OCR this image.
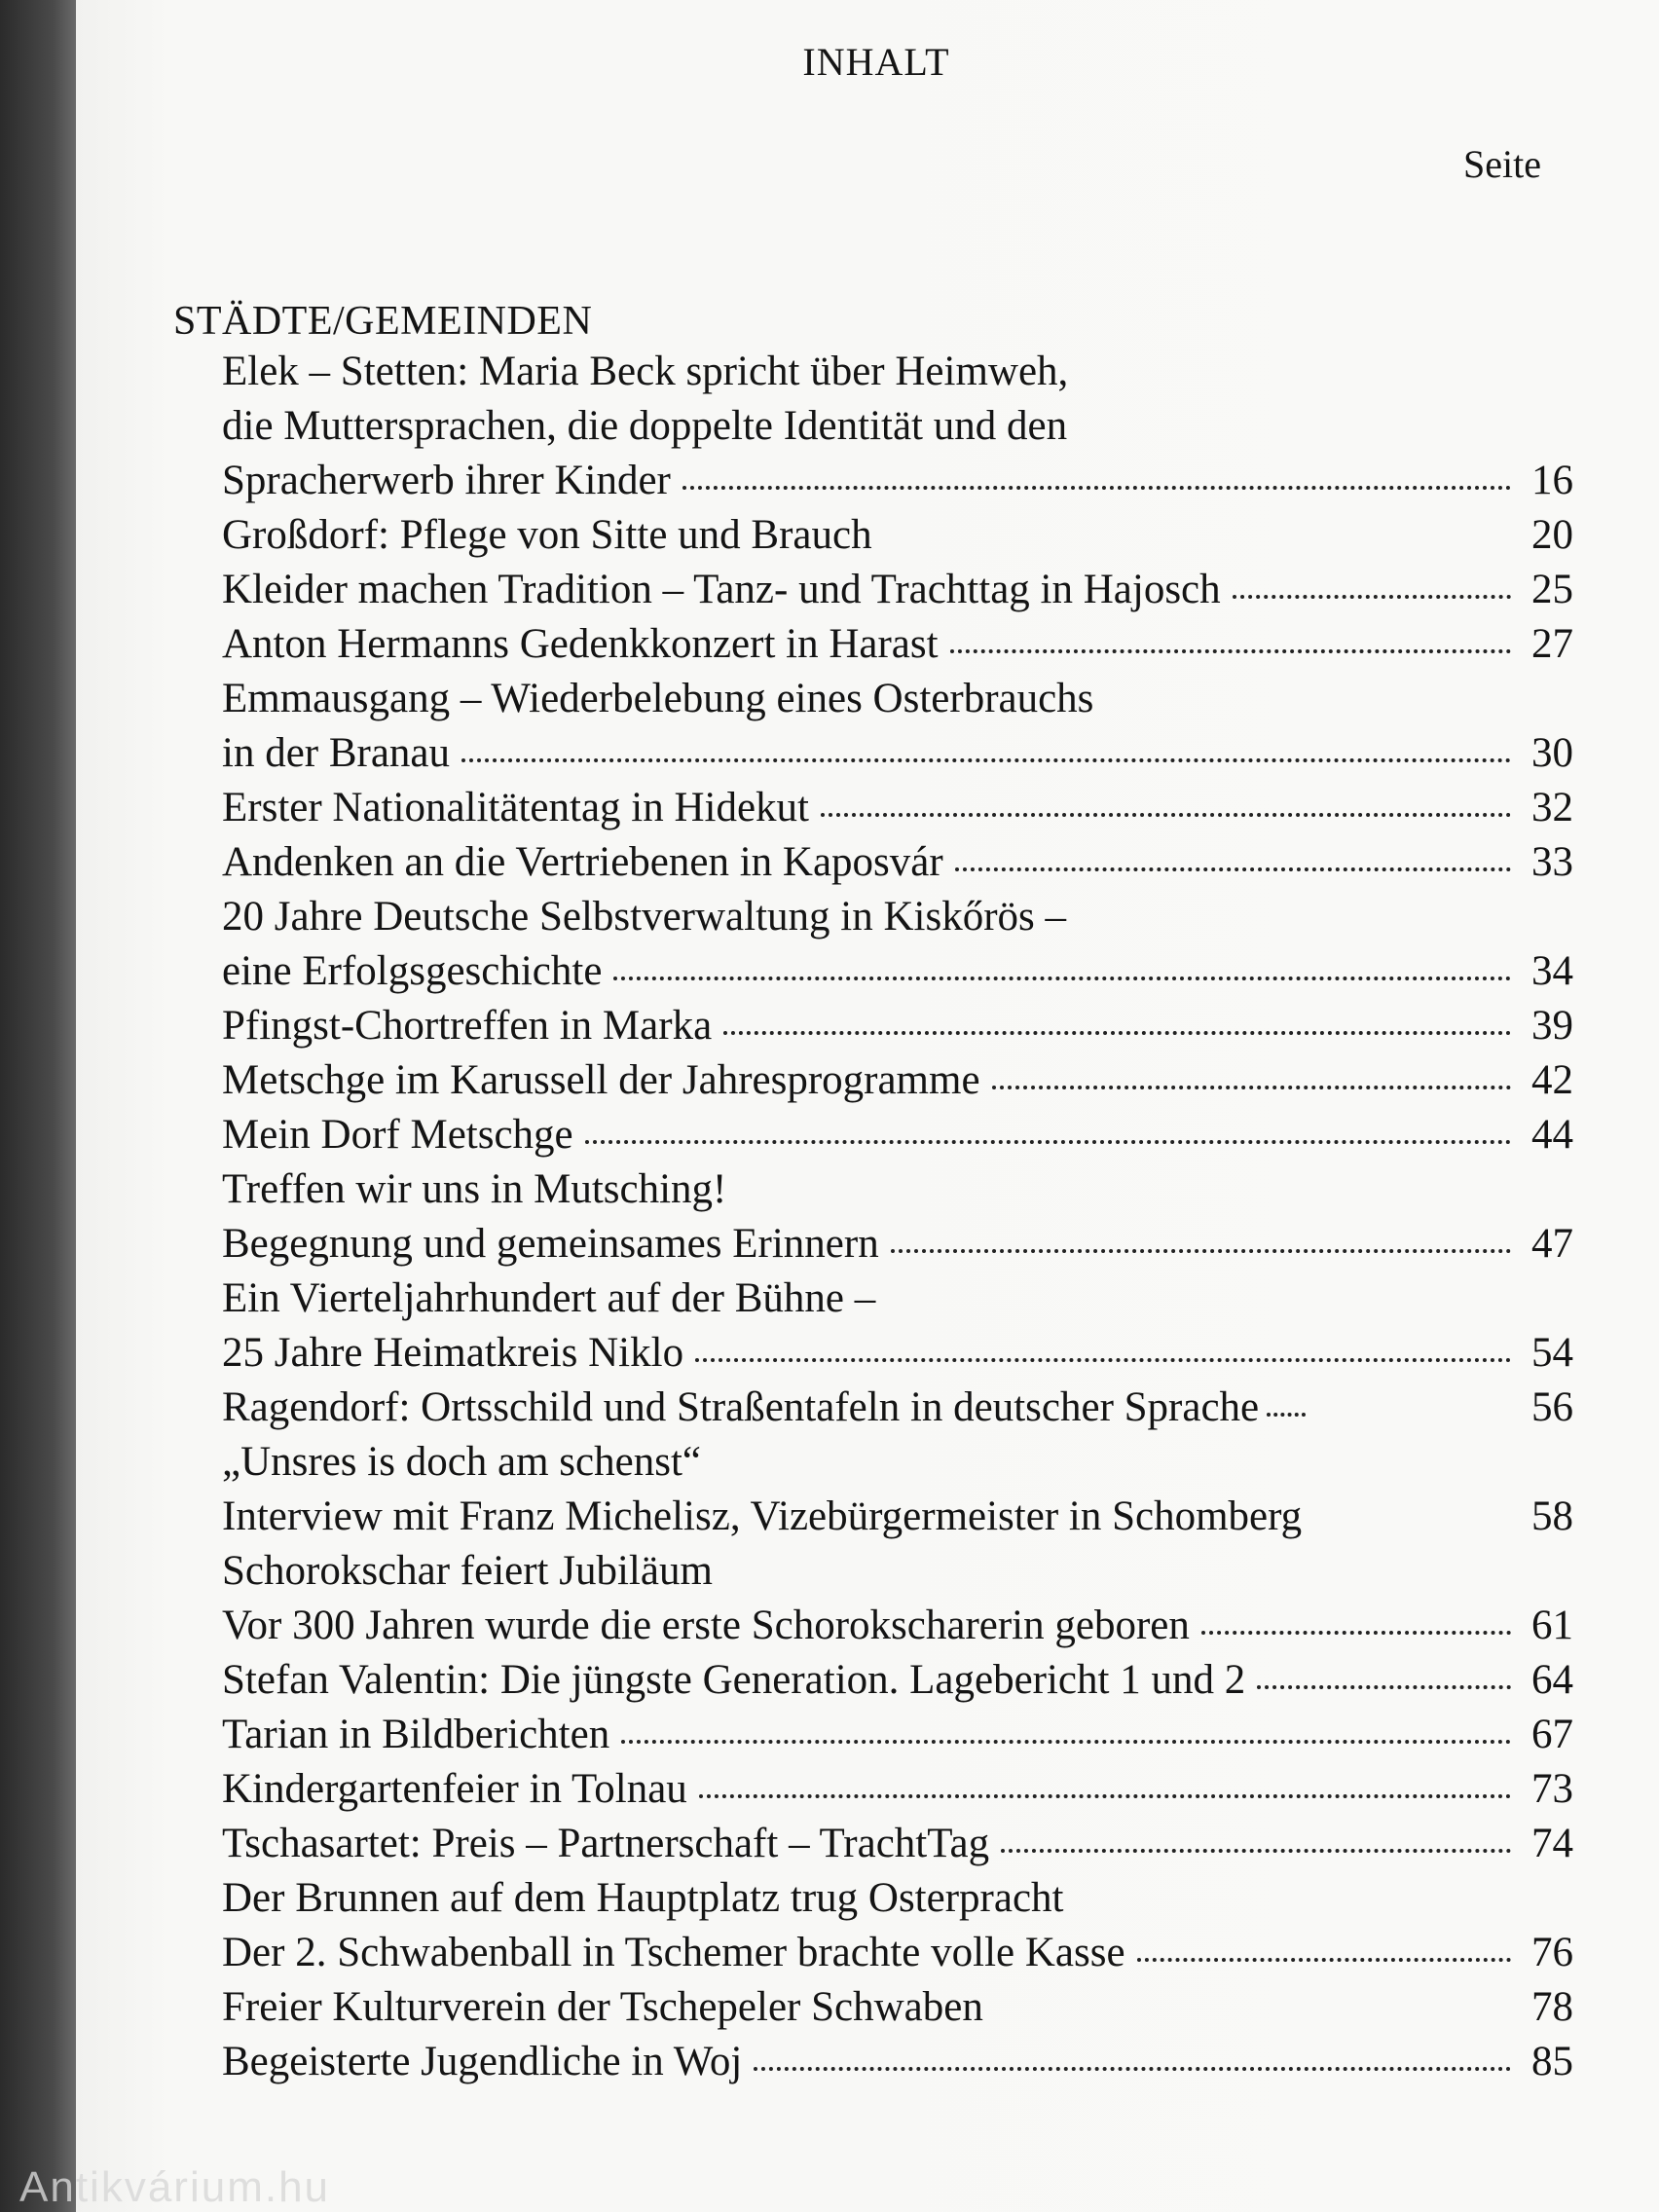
INHALT
Seite
STÄDTE/GEMEINDEN
Elek – Stetten: Maria Beck spricht über Heimweh,
die Muttersprachen, die doppelte Identität und den
Spracherwerb ihrer Kinder	16
Großdorf: Pflege von Sitte und Brauch	20
Kleider machen Tradition – Tanz- und Trachttag in Hajosch	25
Anton Hermanns Gedenkkonzert in Harast	27
Emmausgang – Wiederbelebung eines Osterbrauchs
in der Branau	30
Erster Nationalitätentag in Hidekut	32
Andenken an die Vertriebenen in Kaposvár	33
20 Jahre Deutsche Selbstverwaltung in Kiskőrös –
eine Erfolgsgeschichte	34
Pfingst-Chortreffen in Marka	39
Metschge im Karussell der Jahresprogramme	42
Mein Dorf Metschge	44
Treffen wir uns in Mutsching!
Begegnung und gemeinsames Erinnern	47
Ein Vierteljahrhundert auf der Bühne –
25 Jahre Heimatkreis Niklo	54
Ragendorf: Ortsschild und Straßentafeln in deutscher Sprache	56
„Unsres is doch am schenst“
Interview mit Franz Michelisz, Vizebürgermeister in Schomberg	58
Schorokschar feiert Jubiläum
Vor 300 Jahren wurde die erste Schorokscharerin geboren	61
Stefan Valentin: Die jüngste Generation. Lagebericht 1 und 2	64
Tarian in Bildberichten	67
Kindergartenfeier in Tolnau	73
Tschasartet: Preis – Partnerschaft – TrachtTag	74
Der Brunnen auf dem Hauptplatz trug Osterpracht
Der 2. Schwabenball in Tschemer brachte volle Kasse	76
Freier Kulturverein der Tschepeler Schwaben	78
Begeisterte Jugendliche in Woj	85
Antikvárium.hu
